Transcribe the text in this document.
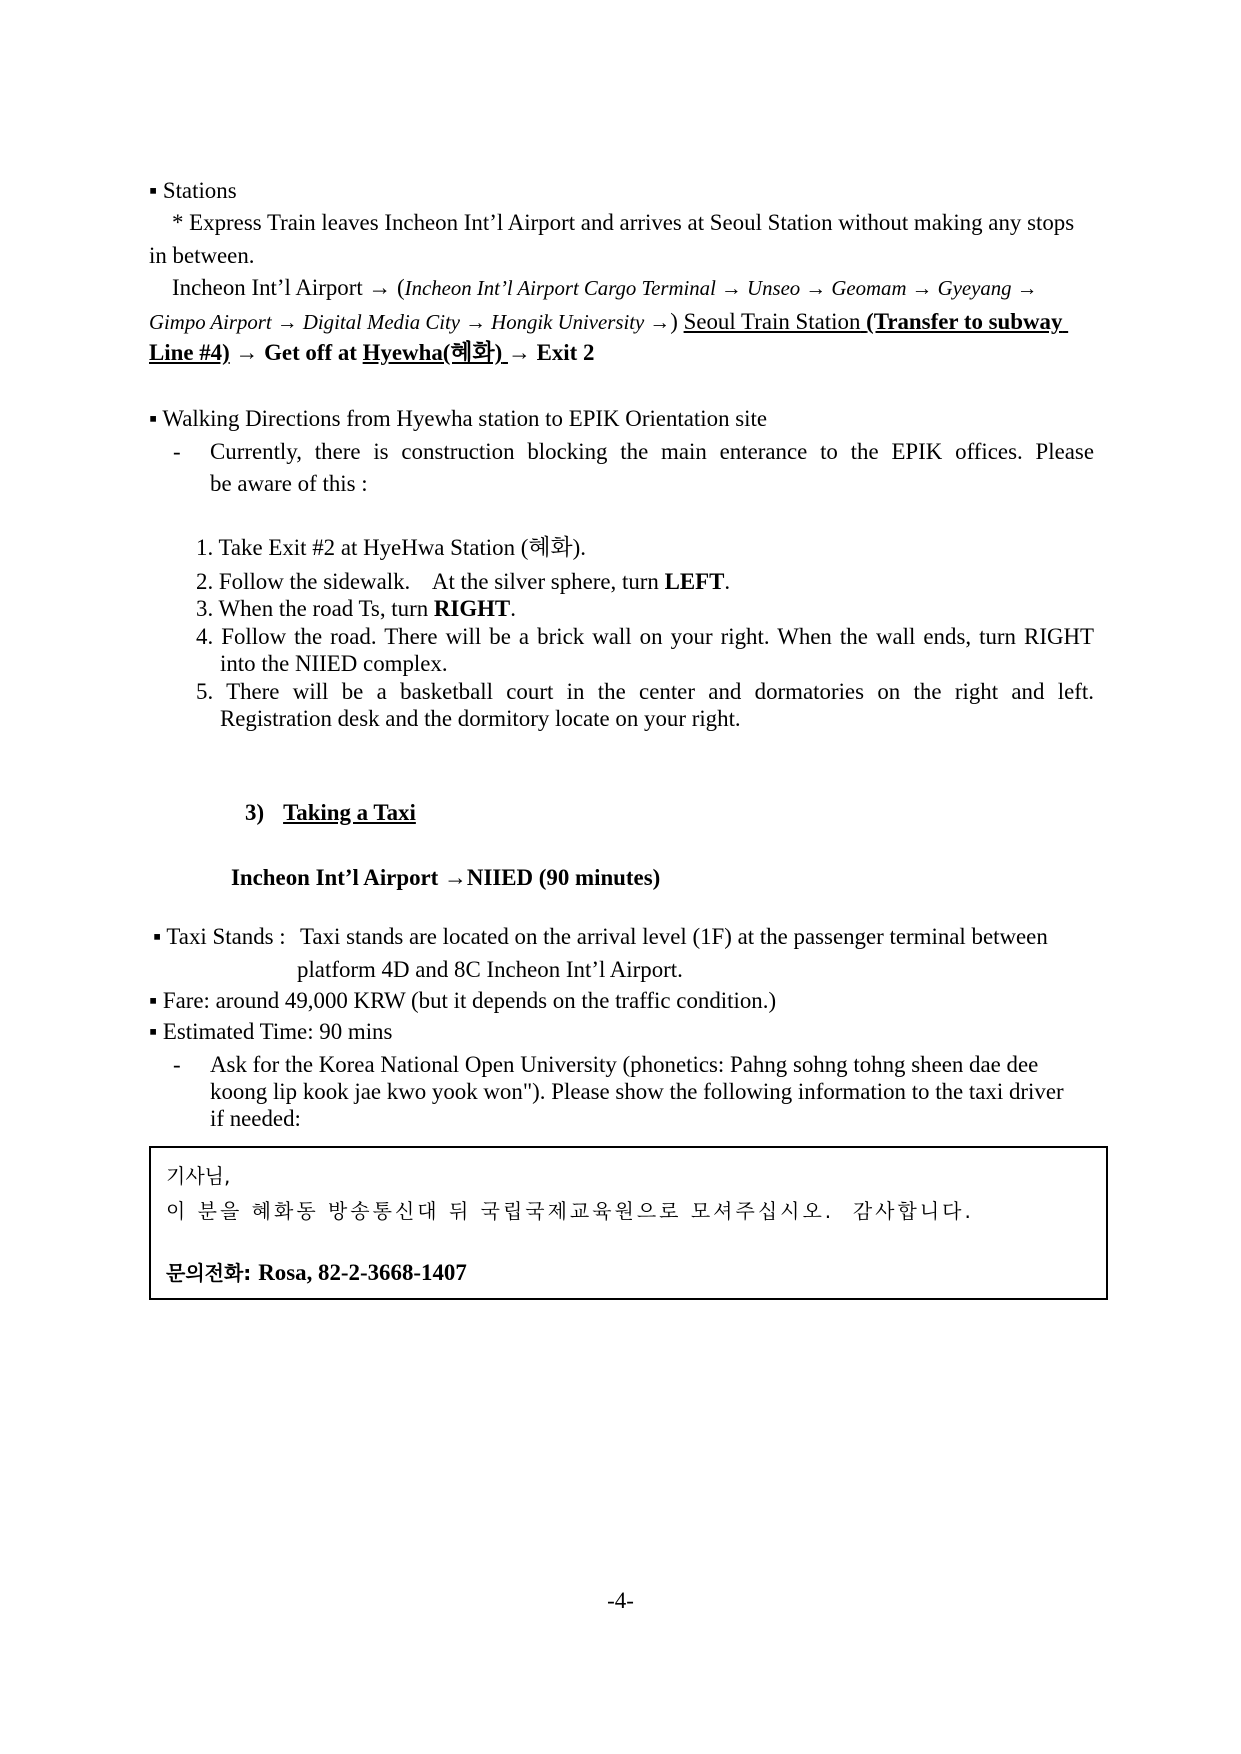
▪ Stations
* Express Train leaves Incheon Int’l Airport and arrives at Seoul Station without making any stops
in between.
Incheon Int’l Airport → (Incheon Int’l Airport Cargo Terminal → Unseo → Geomam → Gyeyang →
Gimpo Airport → Digital Media City → Hongik University →) Seoul Train Station (Transfer to subway
Line #4) → Get off at Hyewha(혜화) → Exit 2
▪ Walking Directions from Hyewha station to EPIK Orientation site
- Currently, there is construction blocking the main enterance to the EPIK offices. Please
be aware of this :
1. Take Exit #2 at HyeHwa Station (혜화).
2. Follow the sidewalk.    At the silver sphere, turn LEFT.
3. When the road Ts, turn RIGHT.
4. Follow the road. There will be a brick wall on your right. When the wall ends, turn RIGHT
into the NIIED complex.
5. There will be a basketball court in the center and dormatories on the right and left.
Registration desk and the dormitory locate on your right.
3) Taking a Taxi
Incheon Int’l Airport →NIIED (90 minutes)
▪ Taxi Stands : Taxi stands are located on the arrival level (1F) at the passenger terminal between
platform 4D and 8C Incheon Int’l Airport.
▪ Fare: around 49,000 KRW (but it depends on the traffic condition.)
▪ Estimated Time: 90 mins
- Ask for the Korea National Open University (phonetics: Pahng sohng tohng sheen dae dee
koong lip kook jae kwo yook won"). Please show the following information to the taxi driver
if needed:
기사님,
이 분을 혜화동 방송통신대 뒤 국립국제교육원으로 모셔주십시오.  감사합니다.
문의전화: Rosa, 82-2-3668-1407
-4-
